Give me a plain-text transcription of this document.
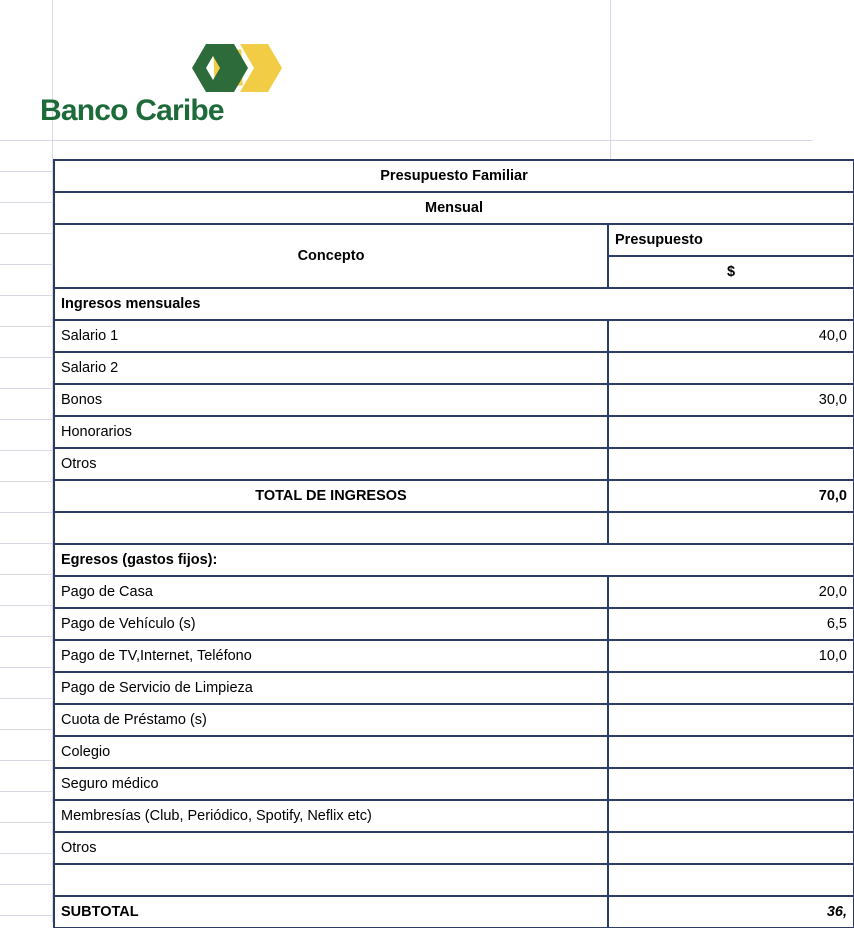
Banco Caribe
Presupuesto Familiar	
Mensual	
Concepto	Presupuesto
	$
Ingresos mensuales	
Salario 1	40,0
Salario 2	
Bonos	30,0
Honorarios	
Otros	
TOTAL DE INGRESOS	70,0

Egresos (gastos fijos):	
Pago de Casa	20,0
Pago de Vehículo (s)	6,5
Pago de TV,Internet, Teléfono	10,0
Pago de Servicio de Limpieza	
Cuota de Préstamo (s)	
Colegio	
Seguro médico	
Membresías (Club, Periódico, Spotify, Neflix etc)	
Otros	

SUBTOTAL	36,
